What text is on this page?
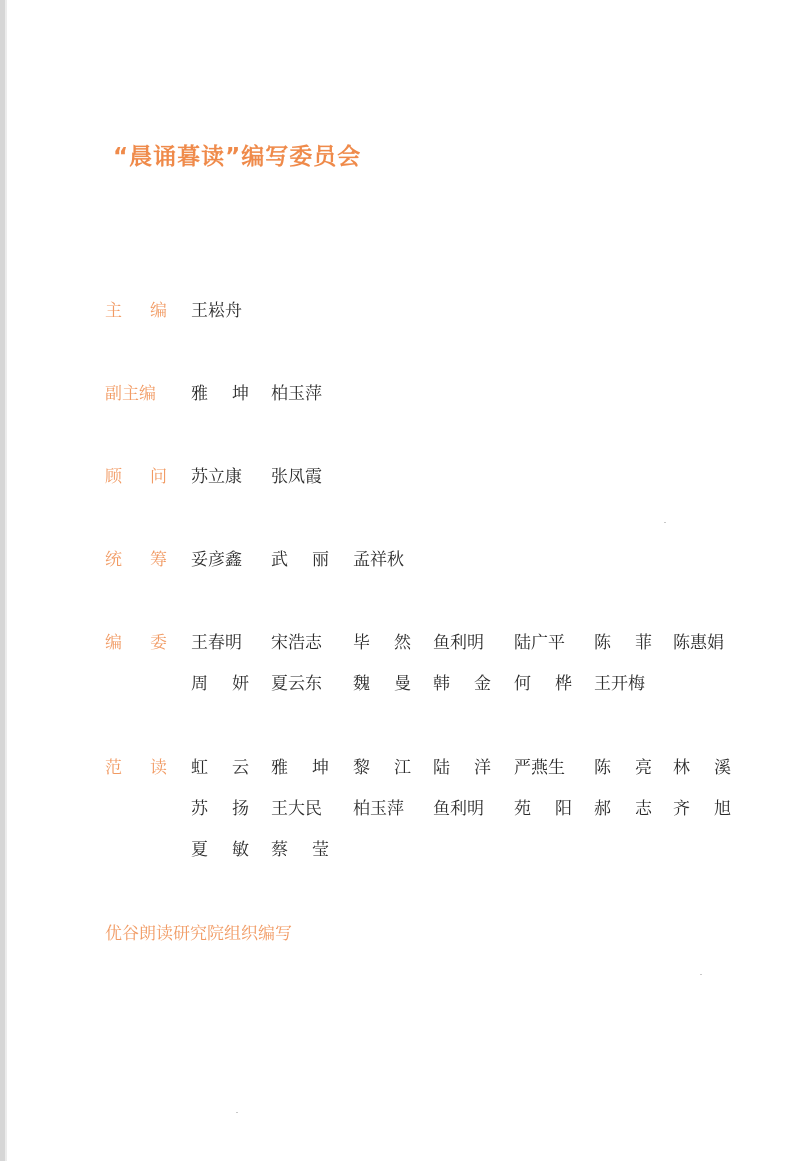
“晨诵暮读”编写委员会
主 编 王崧舟
副主编	雅 坤 柏玉萍
顾 问 苏立康 张凤霞
统 筹 妥彦鑫 武 丽 孟祥秋
编 委 王春明 宋浩志 毕 然 鱼利明 陆广平 陈 菲 陈惠娟
周 妍 夏云东 魏 曼 韩 金 何 桦 王开梅
范 读 虹 云 雅 坤 黎 江 陆 洋 严燕生 陈 亮 林 溪
苏 扬 王大民 柏玉萍 鱼利明 苑 阳 郝 志 齐 旭
夏 敏 蔡 莹
优谷朗读研究院组织编写
